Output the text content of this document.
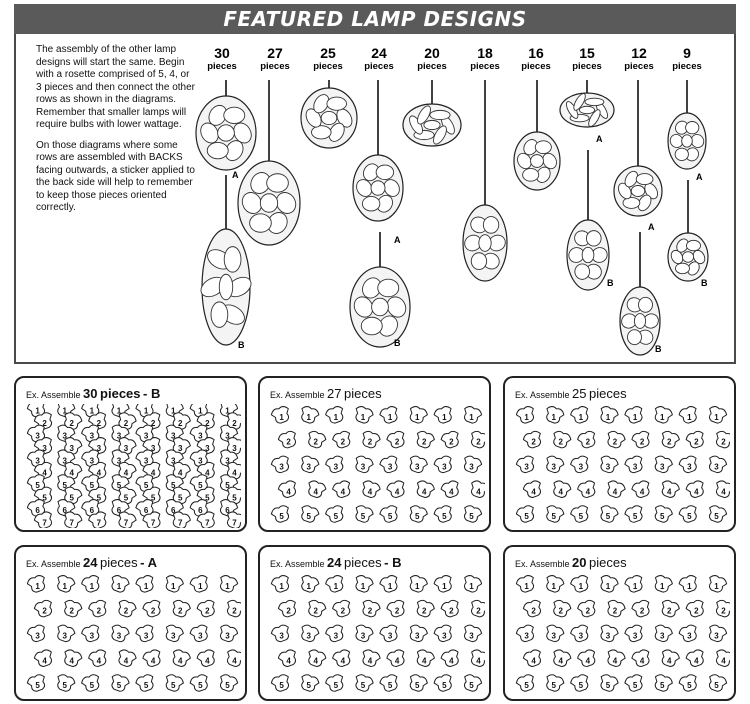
FEATURED LAMP DESIGNS

The assembly of the other lamp designs will start the same. Begin with a rosette comprised of 5, 4, or 3 pieces and then connect the other rows as shown in the diagrams. Remember that smaller lamps will require bulbs with lower wattage.

On those diagrams where some rows are assembled with BACKS facing outwards, a sticker applied to the back side will help to remember to keep those pieces oriented correctly.

30
pieces
27
pieces
25
pieces
24
pieces
20
pieces
18
pieces
16
pieces
15
pieces
12
pieces
9
pieces
A
B
A
B
A
B
A
B
A
B
Ex. Assemble 30 pieces - B
1	1	1	1	1	1	1	1
2	2	2	2	2	2	2	2
3	3	3	3	3	3	3	3
3	3	3	3	3	3	3	3
3	3	3	3	3	3	3	3
4	4	4	4	4	4	4	4
5	5	5	5	5	5	5	5
5	5	5	5	5	5	5	5
6	6	6	6	6	6	6	6
7	7	7	7	7	7	7	7
Ex. Assemble 27 pieces
1	1	1	1	1	1	1	1
2	2	2	2	2	2	2	2
3	3	3	3	3	3	3	3
4	4	4	4	4	4	4	4
5	5	5	5	5	5	5	5
Ex. Assemble 25 pieces
1	1	1	1	1	1	1	1
2	2	2	2	2	2	2	2
3	3	3	3	3	3	3	3
4	4	4	4	4	4	4	4
5	5	5	5	5	5	5	5
Ex. Assemble 24 pieces - A
1	1	1	1	1	1	1	1
2	2	2	2	2	2	2	2
3	3	3	3	3	3	3	3
4	4	4	4	4	4	4	4
5	5	5	5	5	5	5	5
Ex. Assemble 24 pieces - B
1	1	1	1	1	1	1	1
2	2	2	2	2	2	2	2
3	3	3	3	3	3	3	3
4	4	4	4	4	4	4	4
5	5	5	5	5	5	5	5
Ex. Assemble 20 pieces
1	1	1	1	1	1	1	1
2	2	2	2	2	2	2	2
3	3	3	3	3	3	3	3
4	4	4	4	4	4	4	4
5	5	5	5	5	5	5	5
